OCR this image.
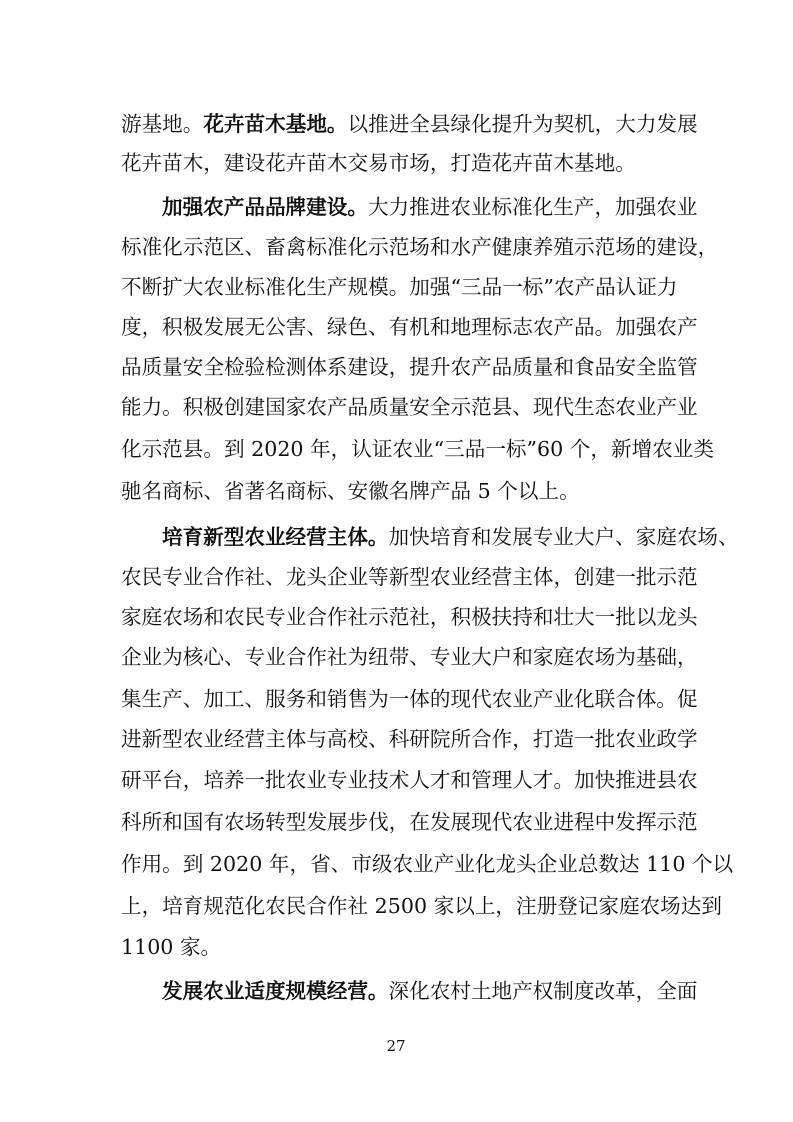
游基地。花卉苗木基地。以推进全县绿化提升为契机，大力发展
花卉苗木，建设花卉苗木交易市场，打造花卉苗木基地。
加强农产品品牌建设。大力推进农业标准化生产，加强农业
标准化示范区、畜禽标准化示范场和水产健康养殖示范场的建设，
不断扩大农业标准化生产规模。加强“三品一标”农产品认证力
度，积极发展无公害、绿色、有机和地理标志农产品。加强农产
品质量安全检验检测体系建设，提升农产品质量和食品安全监管
能力。积极创建国家农产品质量安全示范县、现代生态农业产业
化示范县。到 2020 年，认证农业“三品一标”60 个，新增农业类
驰名商标、省著名商标、安徽名牌产品 5 个以上。
培育新型农业经营主体。加快培育和发展专业大户、家庭农场、
农民专业合作社、龙头企业等新型农业经营主体，创建一批示范
家庭农场和农民专业合作社示范社，积极扶持和壮大一批以龙头
企业为核心、专业合作社为纽带、专业大户和家庭农场为基础，
集生产、加工、服务和销售为一体的现代农业产业化联合体。促
进新型农业经营主体与高校、科研院所合作，打造一批农业政学
研平台，培养一批农业专业技术人才和管理人才。加快推进县农
科所和国有农场转型发展步伐，在发展现代农业进程中发挥示范
作用。到 2020 年，省、市级农业产业化龙头企业总数达 110 个以
上，培育规范化农民合作社 2500 家以上，注册登记家庭农场达到
1100 家。
发展农业适度规模经营。深化农村土地产权制度改革，全面
27
